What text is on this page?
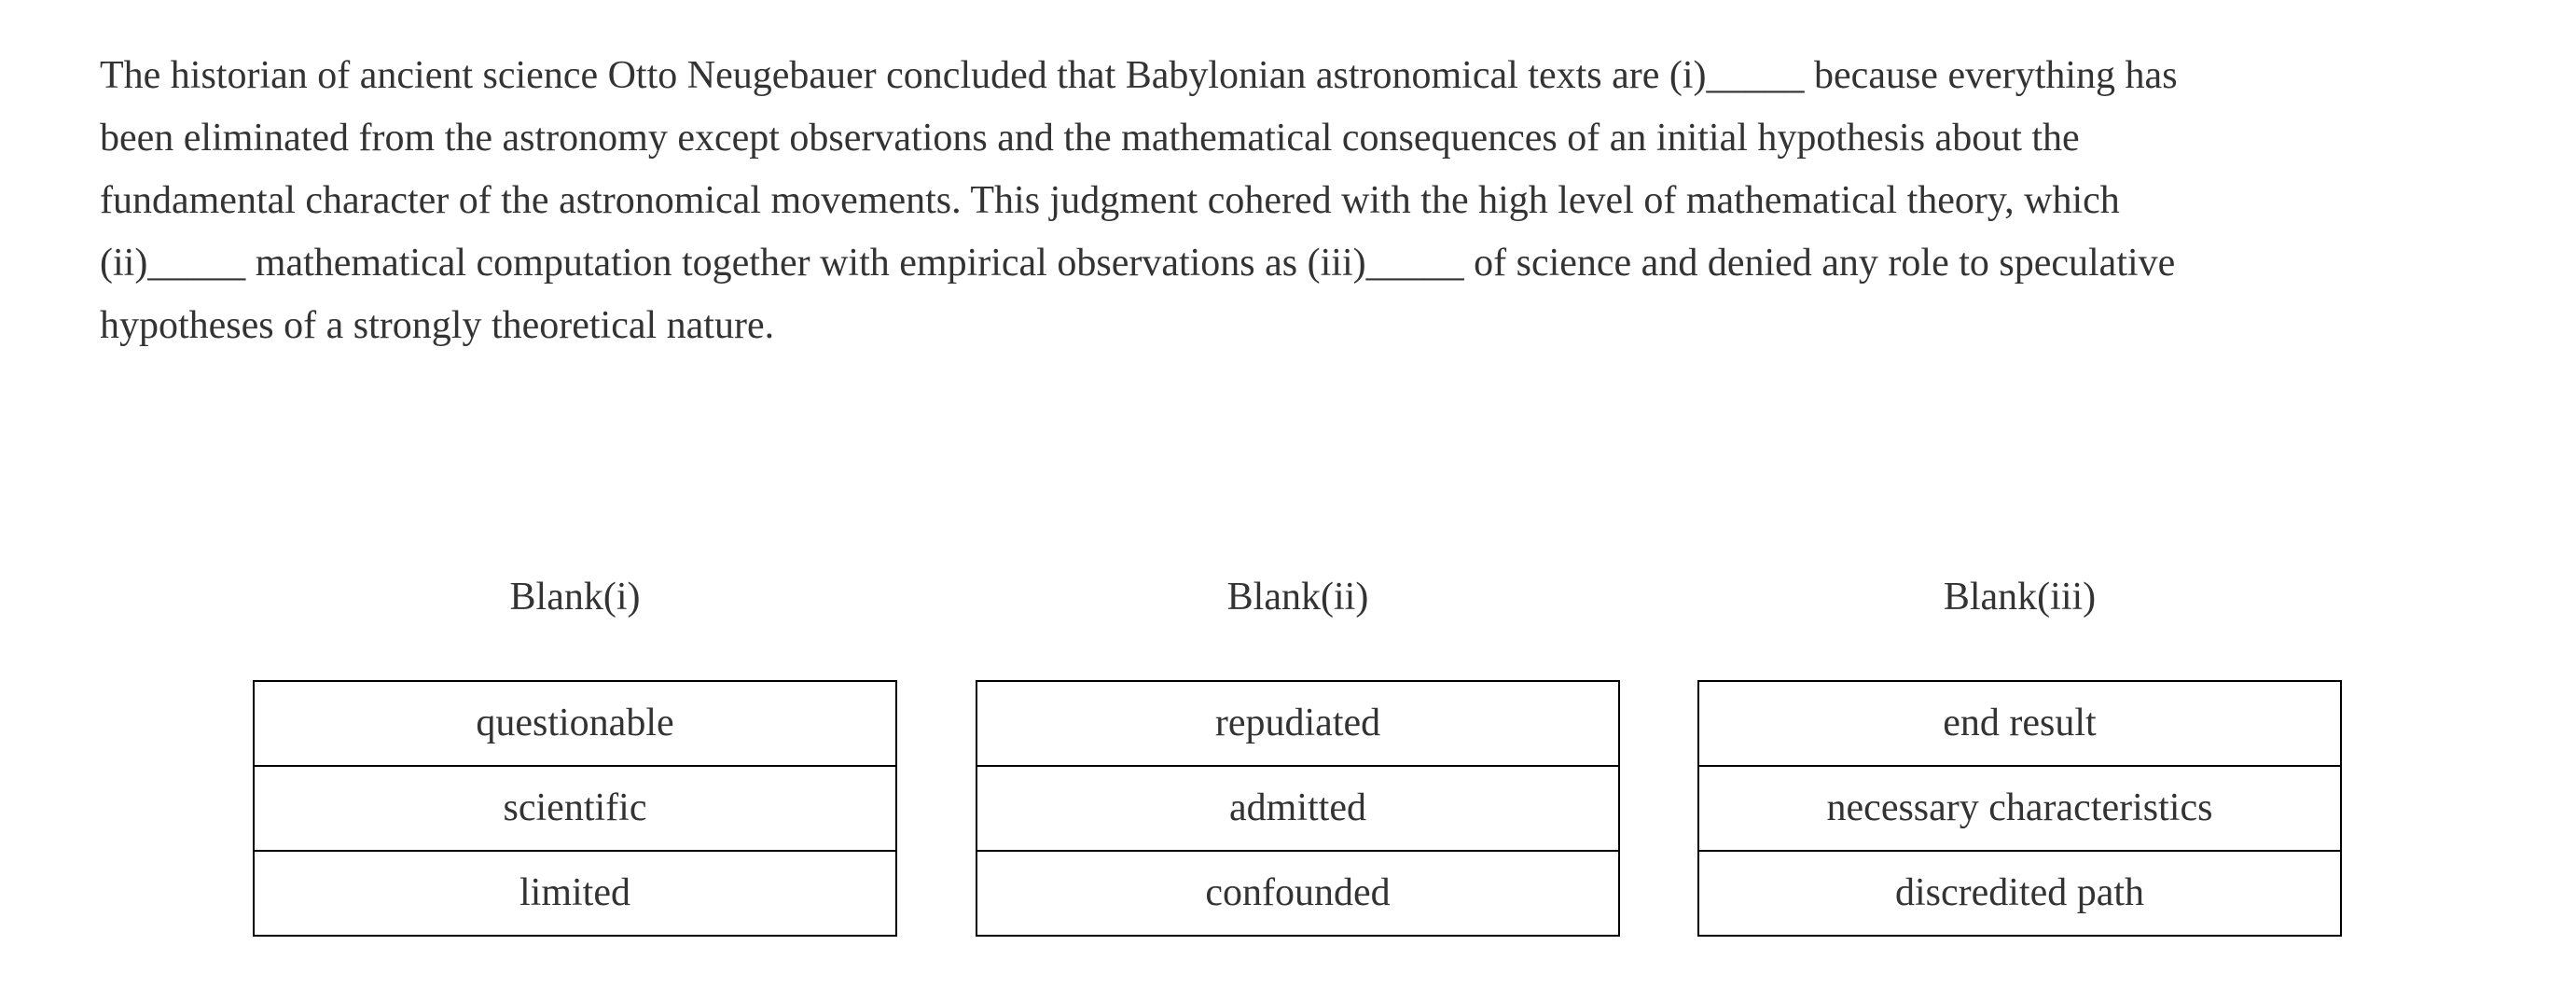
The historian of ancient science Otto Neugebauer concluded that Babylonian astronomical texts are (i)_____ because everything has
been eliminated from the astronomy except observations and the mathematical consequences of an initial hypothesis about the
fundamental character of the astronomical movements. This judgment cohered with the high level of mathematical theory, which
(ii)_____ mathematical computation together with empirical observations as (iii)_____ of science and denied any role to speculative
hypotheses of a strongly theoretical nature.
Blank(i)
questionable
scientific
limited
Blank(ii)
repudiated
admitted
confounded
Blank(iii)
end result
necessary characteristics
discredited path
